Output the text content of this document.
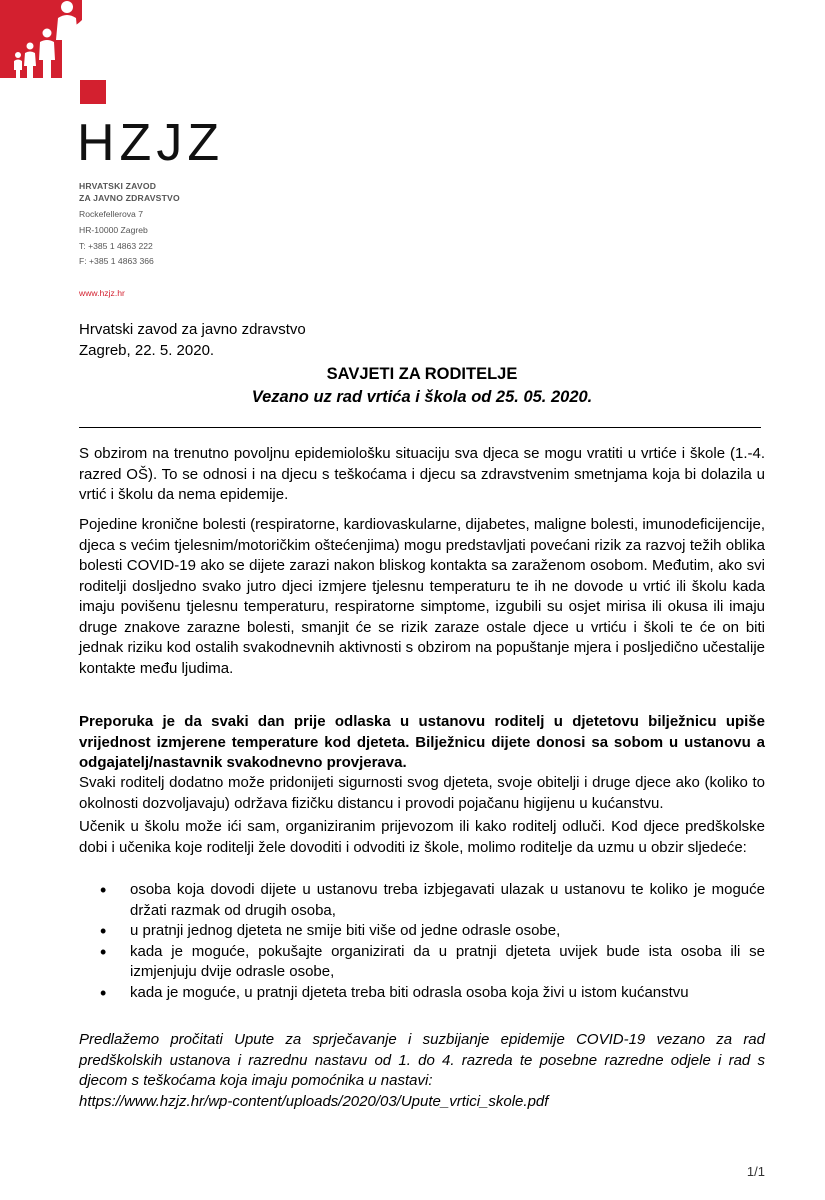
HZJZ
HRVATSKI ZAVOD
ZA JAVNO ZDRAVSTVO
Rockefellerova 7
HR-10000 Zagreb
T: +385 1 4863 222
F: +385 1 4863 366
www.hzjz.hr
Hrvatski zavod za javno zdravstvo
Zagreb, 22. 5. 2020.
SAVJETI ZA RODITELJE
Vezano uz rad vrtića i škola od 25. 05. 2020.

S obzirom na trenutno povoljnu epidemiološku situaciju sva djeca se mogu vratiti u vrtiće i škole (1.-4. razred OŠ). To se odnosi i na djecu s teškoćama i djecu sa zdravstvenim smetnjama koja bi dolazila u vrtić i školu da nema epidemije.

Pojedine kronične bolesti (respiratorne, kardiovaskularne, dijabetes, maligne bolesti, imunodeficijencije, djeca s većim tjelesnim/motoričkim oštećenjima) mogu predstavljati povećani rizik za razvoj težih oblika bolesti COVID-19 ako se dijete zarazi nakon bliskog kontakta sa zaraženom osobom. Međutim, ako svi roditelji dosljedno svako jutro djeci izmjere tjelesnu temperaturu te ih ne dovode u vrtić ili školu kada imaju povišenu tjelesnu temperaturu, respiratorne simptome, izgubili su osjet mirisa ili okusa ili imaju druge znakove zarazne bolesti, smanjit će se rizik zaraze ostale djece u vrtiću i školi te će on biti jednak riziku kod ostalih svakodnevnih aktivnosti s obzirom na popuštanje mjera i posljedično učestalije kontakte među ljudima.

Preporuka je da svaki dan prije odlaska u ustanovu roditelj u djetetovu bilježnicu upiše vrijednost izmjerene temperature kod djeteta. Bilježnicu dijete donosi sa sobom u ustanovu a odgajatelj/nastavnik svakodnevno provjerava.

Svaki roditelj dodatno može pridonijeti sigurnosti svog djeteta, svoje obitelji i druge djece ako (koliko to okolnosti dozvoljavaju) održava fizičku distancu i provodi pojačanu higijenu u kućanstvu.

Učenik u školu može ići sam, organiziranim prijevozom ili kako roditelj odluči. Kod djece predškolske dobi i učenika koje roditelji žele dovoditi i odvoditi iz škole, molimo roditelje da uzmu u obzir sljedeće:

• osoba koja dovodi dijete u ustanovu treba izbjegavati ulazak u ustanovu te koliko je moguće držati razmak od drugih osoba,
• u pratnji jednog djeteta ne smije biti više od jedne odrasle osobe,
• kada je moguće, pokušajte organizirati da u pratnji djeteta uvijek bude ista osoba ili se izmjenjuju dvije odrasle osobe,
• kada je moguće, u pratnji djeteta treba biti odrasla osoba koja živi u istom kućanstvu

Predlažemo pročitati Upute za sprječavanje i suzbijanje epidemije COVID-19 vezano za rad predškolskih ustanova i razrednu nastavu od 1. do 4. razreda te posebne razredne odjele i rad s djecom s teškoćama koja imaju pomoćnika u nastavi:

https://www.hzjz.hr/wp-content/uploads/2020/03/Upute_vrtici_skole.pdf

1/1
